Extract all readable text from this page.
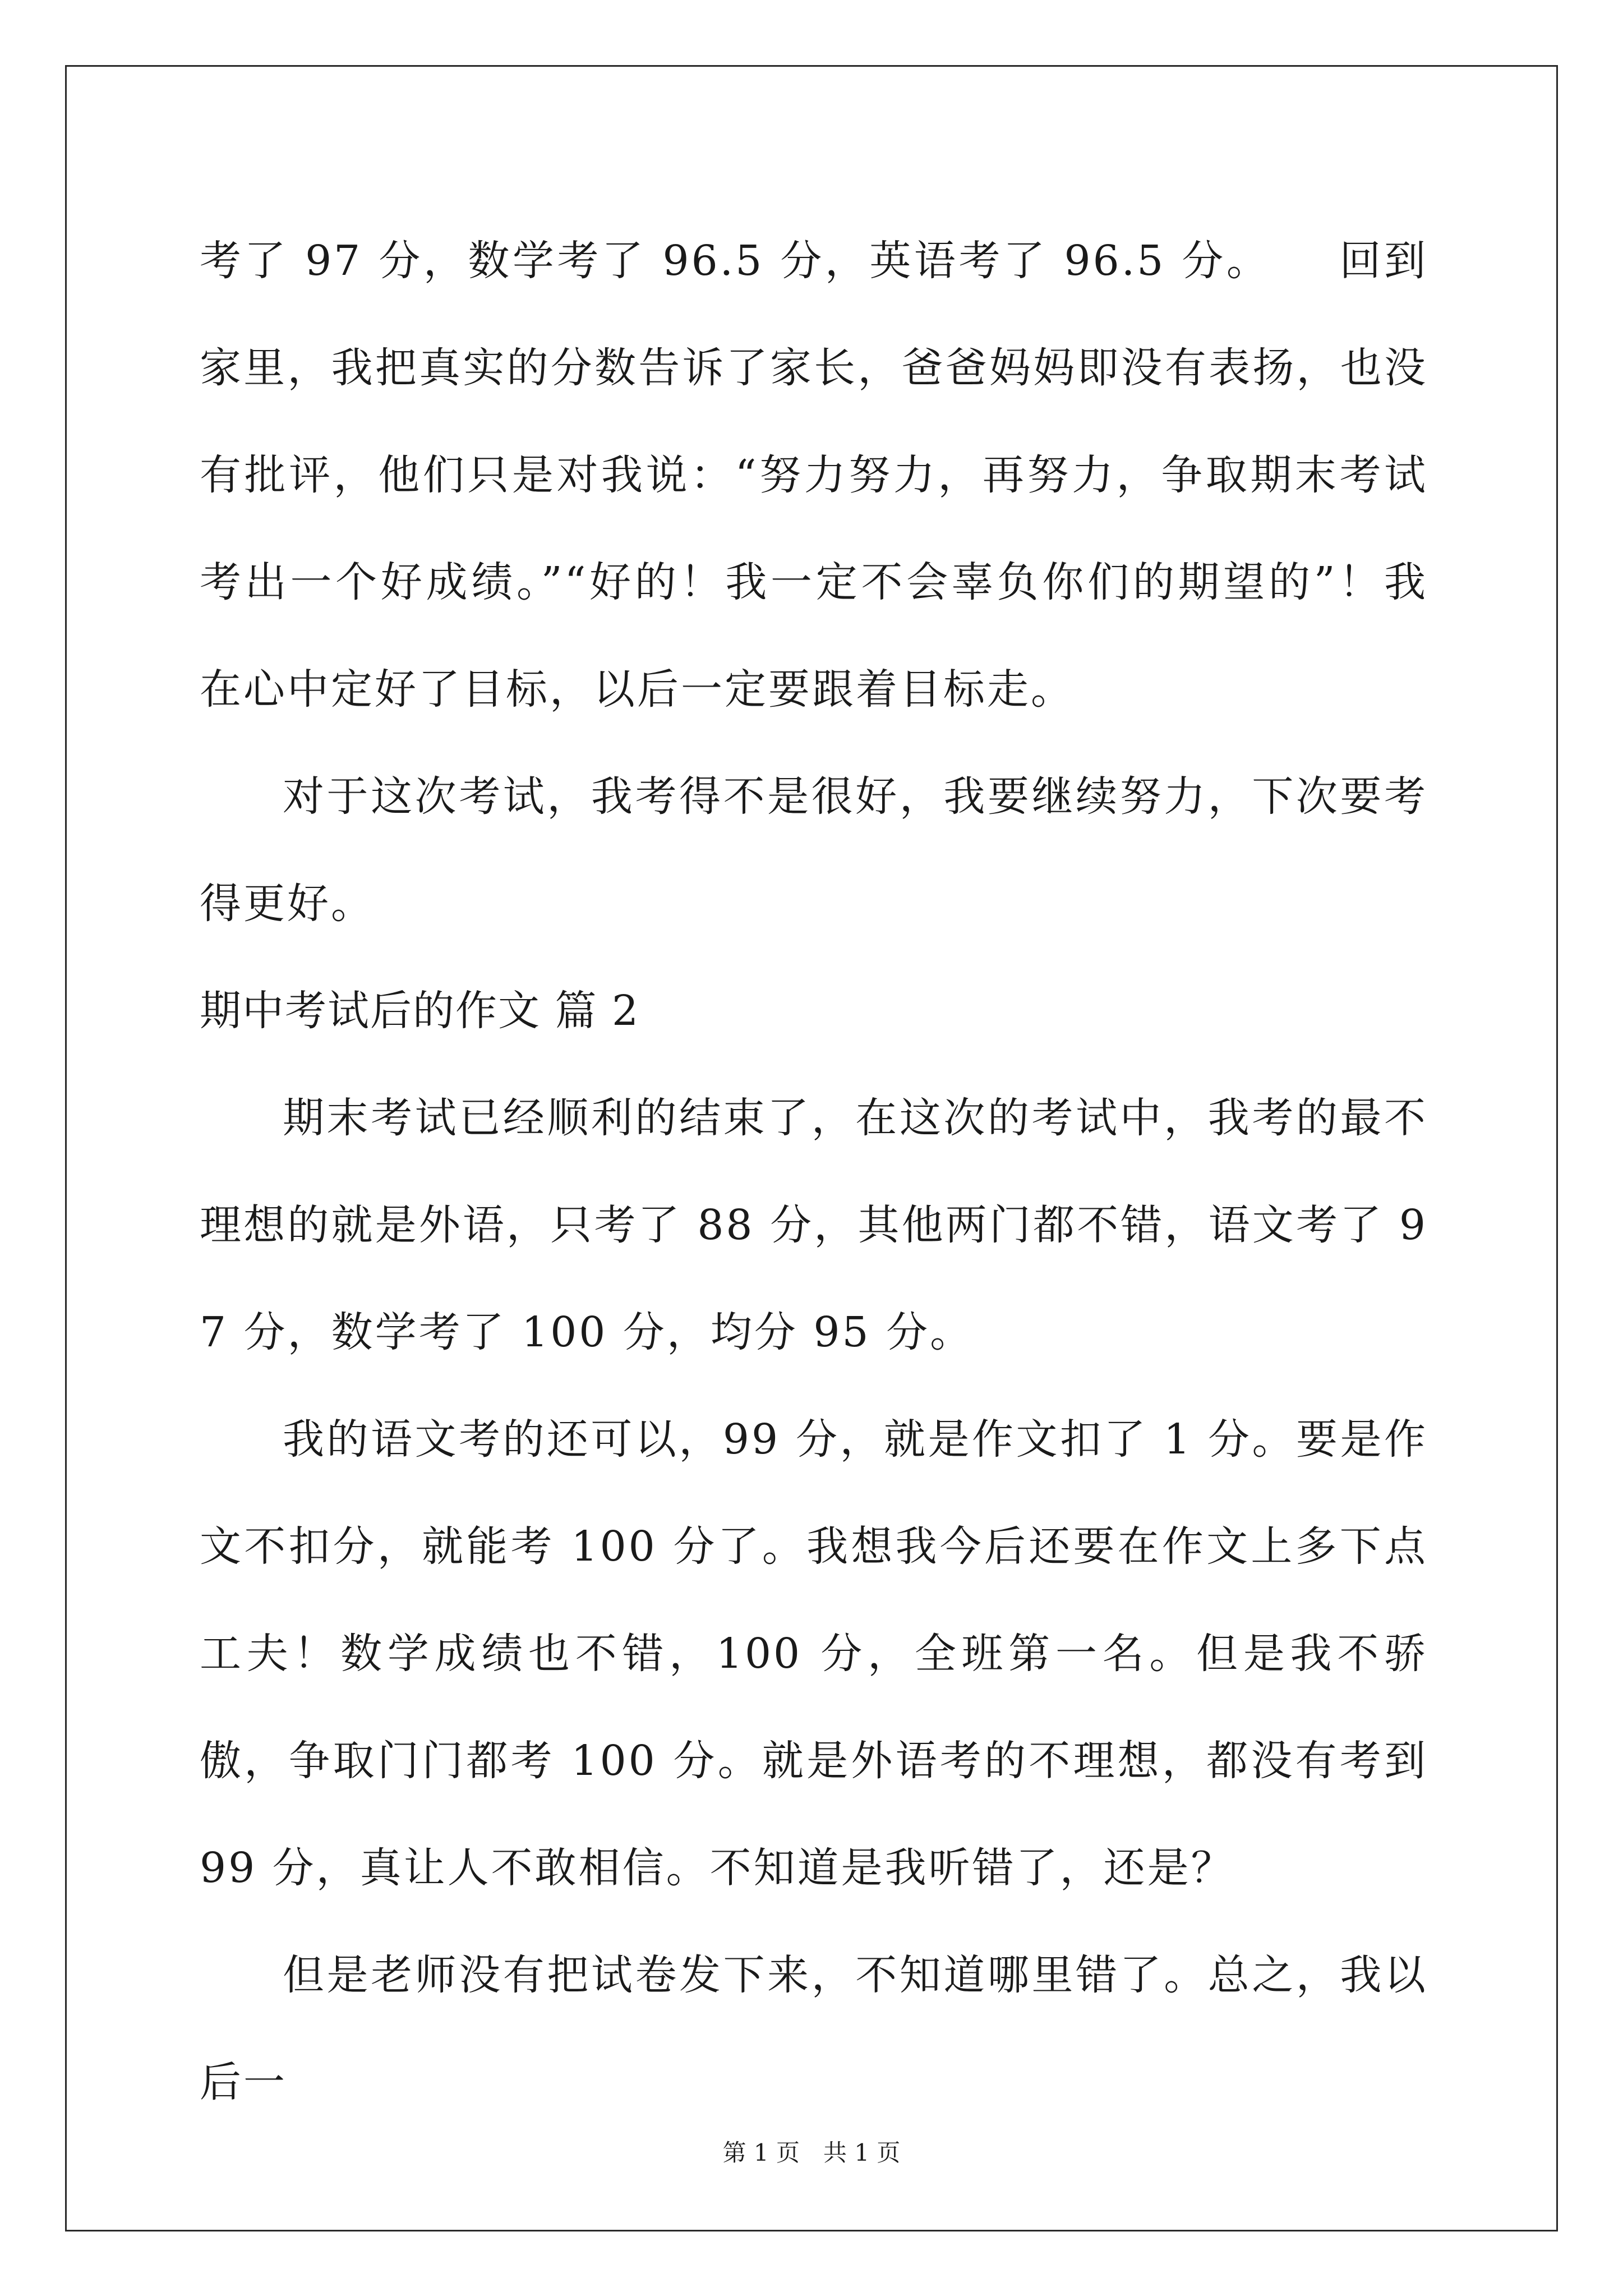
考了 97 分，数学考了 96.5 分，英语考了 96.5 分。　　回到家里，我把真实的分数告诉了家长，爸爸妈妈即没有表扬，也没有批评，他们只是对我说：“努力努力，再努力，争取期末考试考出一个好成绩。”“好的！我一定不会辜负你们的期望的”！我在心中定好了目标，以后一定要跟着目标走。

对于这次考试，我考得不是很好，我要继续努力，下次要考得更好。

期中考试后的作文 篇 2

期末考试已经顺利的结束了，在这次的考试中，我考的最不理想的就是外语，只考了 88 分，其他两门都不错，语文考了 97 分，数学考了 100 分，均分 95 分。

我的语文考的还可以，99 分，就是作文扣了 1 分。要是作文不扣分，就能考 100 分了。我想我今后还要在作文上多下点工夫！数学成绩也不错，100 分，全班第一名。但是我不骄傲，争取门门都考 100 分。就是外语考的不理想，都没有考到 99 分，真让人不敢相信。不知道是我听错了，还是？

但是老师没有把试卷发下来，不知道哪里错了。总之，我以后一

第 1 页　共 1 页
